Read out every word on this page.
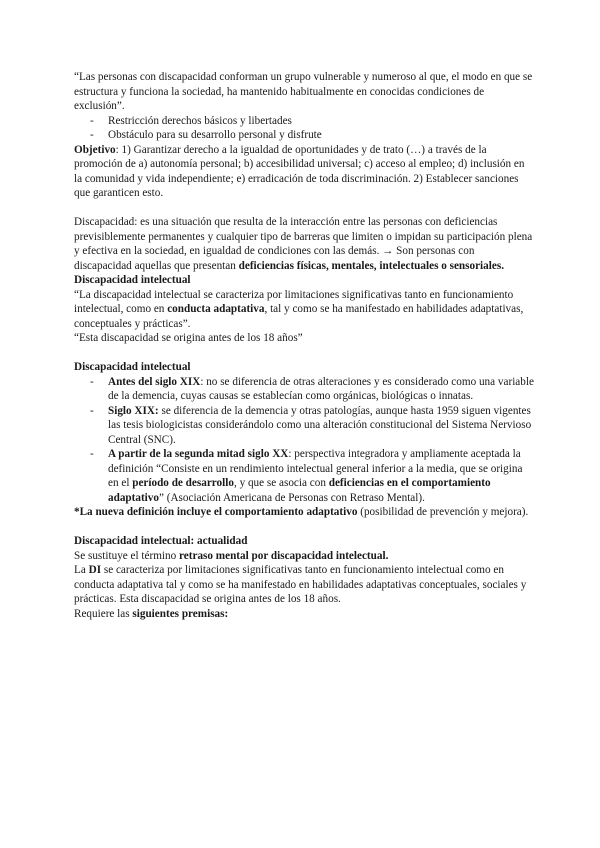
“Las personas con discapacidad conforman un grupo vulnerable y numeroso al que, el modo en que se estructura y funciona la sociedad, ha mantenido habitualmente en conocidas condiciones de exclusión”.

- Restricción derechos básicos y libertades
- Obstáculo para su desarrollo personal y disfrute

Objetivo: 1) Garantizar derecho a la igualdad de oportunidades y de trato (…) a través de la promoción de a) autonomía personal; b) accesibilidad universal; c) acceso al empleo; d) inclusión en la comunidad y vida independiente; e) erradicación de toda discriminación. 2) Establecer sanciones que garanticen esto.

Discapacidad: es una situación que resulta de la interacción entre las personas con deficiencias previsiblemente permanentes y cualquier tipo de barreras que limiten o impidan su participación plena y efectiva en la sociedad, en igualdad de condiciones con las demás. → Son personas con discapacidad aquellas que presentan deficiencias físicas, mentales, intelectuales o sensoriales.

Discapacidad intelectual

“La discapacidad intelectual se caracteriza por limitaciones significativas tanto en funcionamiento intelectual, como en conducta adaptativa, tal y como se ha manifestado en habilidades adaptativas, conceptuales y prácticas”.

“Esta discapacidad se origina antes de los 18 años”

Discapacidad intelectual

- Antes del siglo XIX: no se diferencia de otras alteraciones y es considerado como una variable de la demencia, cuyas causas se establecían como orgánicas, biológicas o innatas.
- Siglo XIX: se diferencia de la demencia y otras patologías, aunque hasta 1959 siguen vigentes las tesis biologicistas considerándolo como una alteración constitucional del Sistema Nervioso Central (SNC).
- A partir de la segunda mitad siglo XX: perspectiva integradora y ampliamente aceptada la definición “Consiste en un rendimiento intelectual general inferior a la media, que se origina en el período de desarrollo, y que se asocia con deficiencias en el comportamiento adaptativo” (Asociación Americana de Personas con Retraso Mental).

*La nueva definición incluye el comportamiento adaptativo (posibilidad de prevención y mejora).

Discapacidad intelectual: actualidad

Se sustituye el término retraso mental por discapacidad intelectual.

La DI se caracteriza por limitaciones significativas tanto en funcionamiento intelectual como en conducta adaptativa tal y como se ha manifestado en habilidades adaptativas conceptuales, sociales y prácticas. Esta discapacidad se origina antes de los 18 años.

Requiere las siguientes premisas:
